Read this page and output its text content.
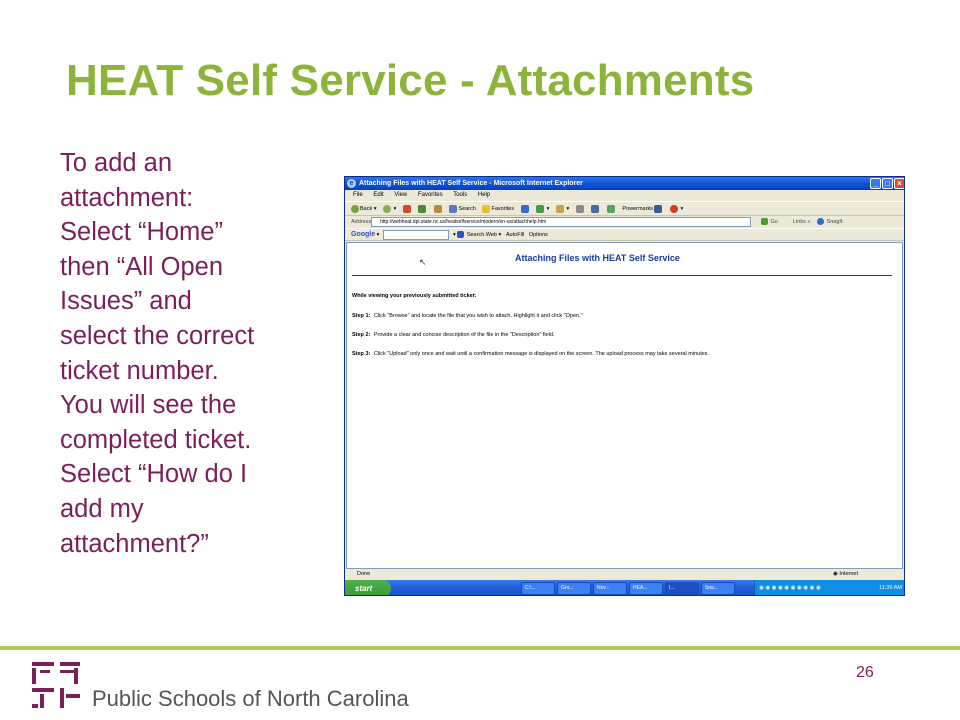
HEAT Self Service - Attachments
To add an
attachment:
Select “Home”
then “All Open
Issues” and
select the correct
ticket number.
You will see the
completed ticket.
Select “How do I
add my
attachment?”
e Attaching Files with HEAT Self Service - Microsoft Internet Explorer	_ □ ×
File Edit View Favorites Tools Help
Back ▾	▾	Search	Favorites	▾	▾	Powermarks	▾
Address	http://webheat.dpi.state.nc.us/heatselfservice/modern/en-us/attachhelp.htm	Go	Links »	SnagIt
Google ▾	▾  Search Web ▾ AutoFill Options
↖	Attaching Files with HEAT Self Service
While viewing your previously submitted ticket:
Step 1: Click "Browse" and locate the file that you wish to attach. Highlight it and click "Open."
Step 2: Provide a clear and concise description of the file in the "Description" field.
Step 3: Click "Upload" only once and wait until a confirmation message is displayed on the screen. The upload process may take several minutes.
Done	◉ Internet
start	C:\...	Gro...	Nov...	HEA...	I...	Sna...	◉ ◉ ◉ ◉ ◉ ◉ ◉ ◉ ◉ ◉	11:36 AM
26
Public Schools of North Carolina
